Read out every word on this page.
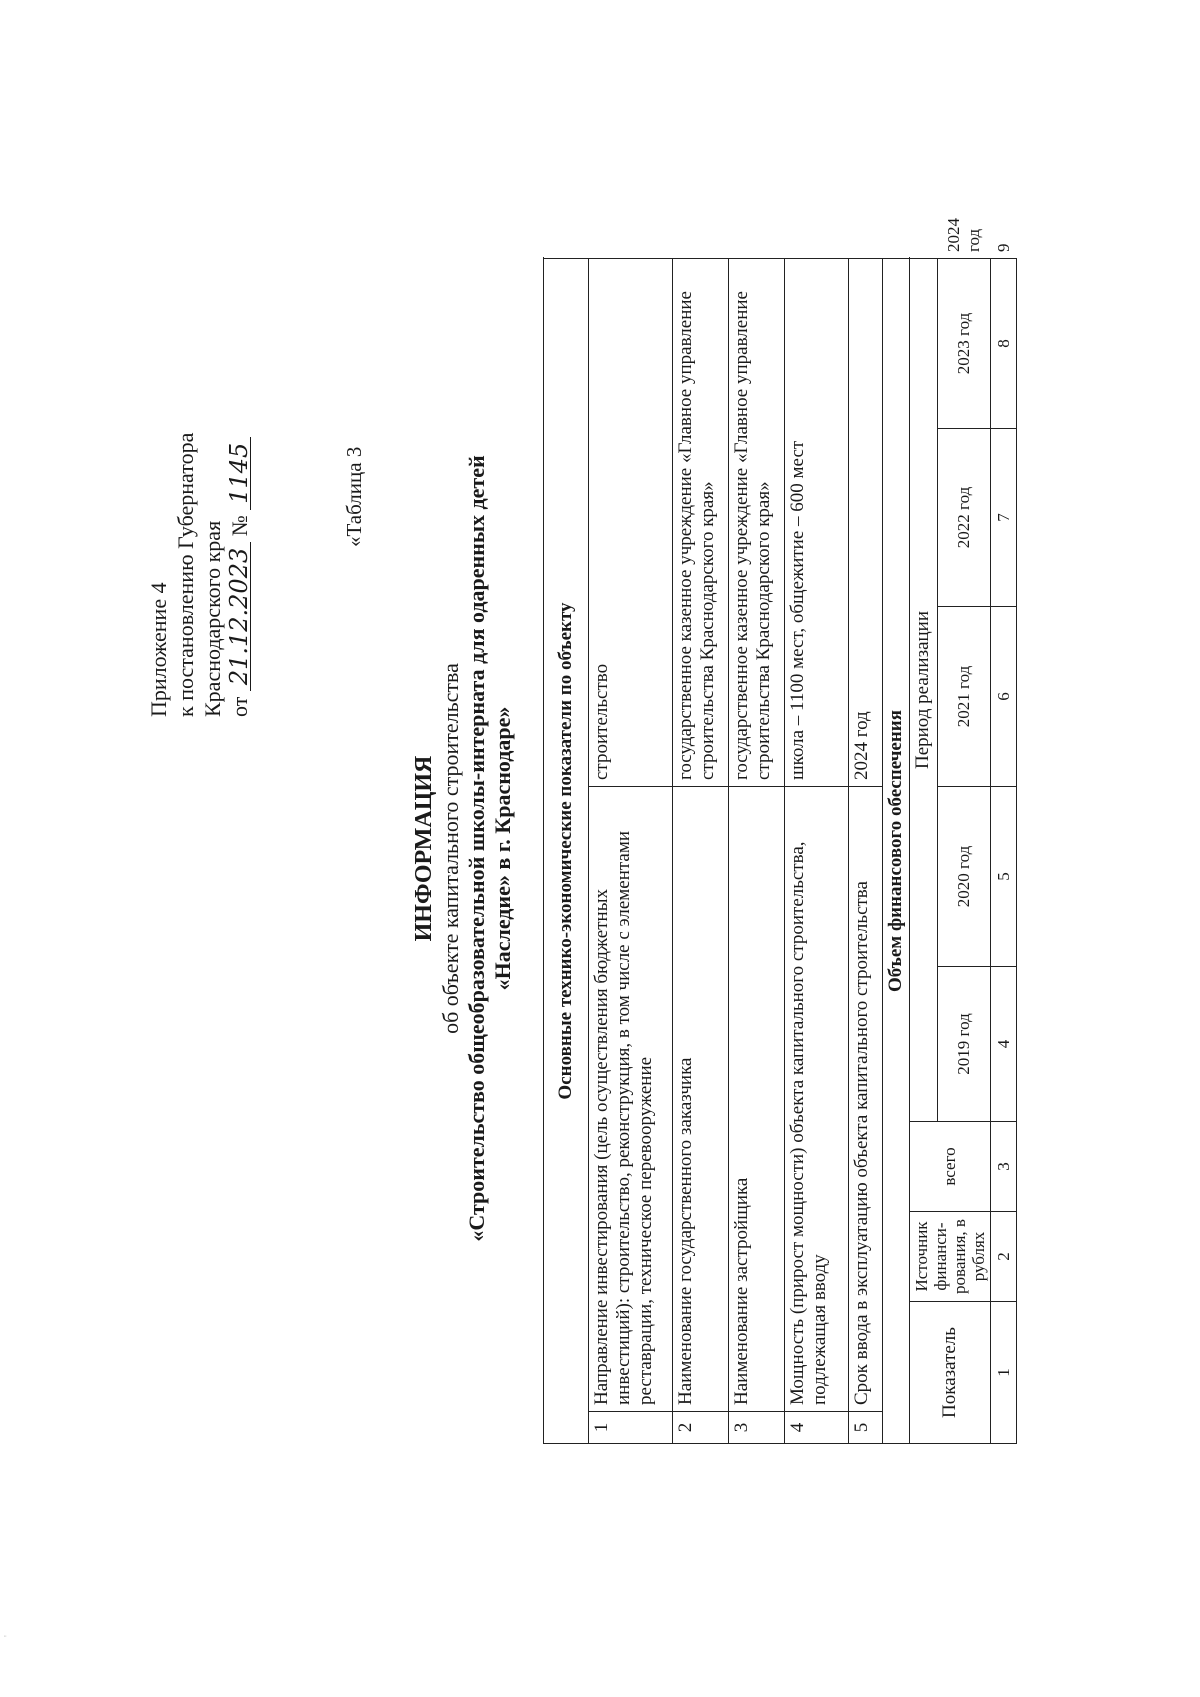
'
Приложение 4 к постановлению Губернатора Краснодарского края от 21.12.2023 № 1145	«Таблица 3
ИНФОРМАЦИЯ об объекте капитального строительства «Строительство общеобразовательной школы-интерната для одаренных детей «Наследие» в г. Краснодаре» Основные технико-экономические показатели по объекту									
1	Направление инвестирования (цель осуществления бюджетных инвестиций): строительство, реконструкция, в том числе с элементами реставрации, техническое перевооружение					строительство			
2	Наименование государственного заказчика					государственное казенное учреждение «Главное управление строительства Краснодарского края»			
3	Наименование застройщика					государственное казенное учреждение «Главное управление строительства Краснодарского края»			
4	Мощность (прирост мощности) объекта капитального строительства, подлежащая вводу					школа – 1100 мест, общежитие – 600 мест			
5	Срок ввода в эксплуатацию объекта капитального строительства					2024 год			
Объем финансового обеспечения									
Показатель		Источник финанси-рования, в рублях	всего	Период реализации					
				2019 год	2020 год	2021 год	2022 год	2023 год	2024 год
1		2	3	4	5	6	7	8	9
